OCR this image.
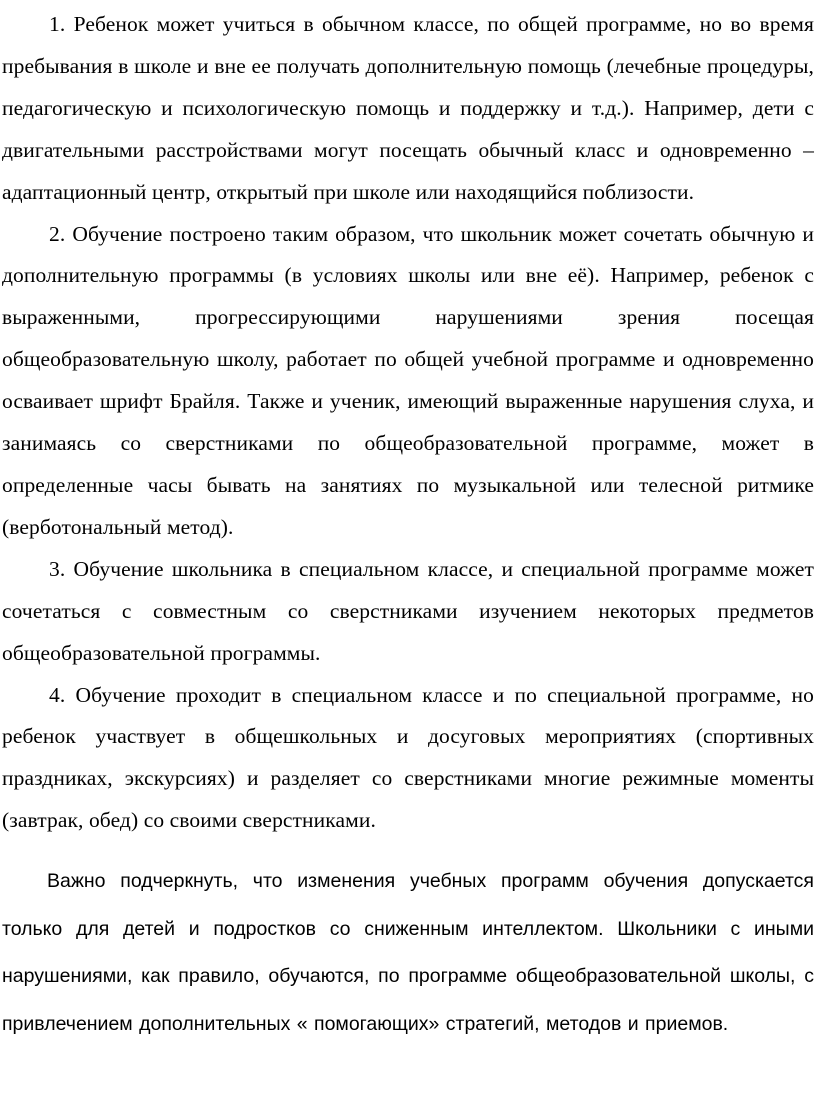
1. Ребенок может учиться в обычном классе, по общей программе, но во время пребывания в школе и вне ее получать дополнительную помощь (лечебные процедуры, педагогическую и психологическую помощь и поддержку и т.д.). Например, дети с двигательными расстройствами могут посещать обычный класс и одновременно – адаптационный центр, открытый при школе или находящийся поблизости.

2. Обучение построено таким образом, что школьник может сочетать обычную и дополнительную программы (в условиях школы или вне её). Например, ребенок с выраженными, прогрессирующими нарушениями зрения посещая общеобразовательную школу, работает по общей учебной программе и одновременно осваивает шрифт Брайля. Также и ученик, имеющий выраженные нарушения слуха, и занимаясь со сверстниками по общеобразовательной программе, может в определенные часы бывать на занятиях по музыкальной или телесной ритмике (верботональный метод).

3. Обучение школьника в специальном классе, и специальной программе может сочетаться с совместным со сверстниками изучением некоторых предметов общеобразовательной программы.

4. Обучение проходит в специальном классе и по специальной программе, но ребенок участвует в общешкольных и досуговых мероприятиях (спортивных праздниках, экскурсиях) и разделяет со сверстниками многие режимные моменты (завтрак, обед) со своими сверстниками.

Важно подчеркнуть, что изменения учебных программ обучения допускается только для детей и подростков со сниженным интеллектом. Школьники с иными нарушениями, как правило, обучаются, по программе общеобразовательной школы, с привлечением дополнительных « помогающих» стратегий, методов и приемов.
